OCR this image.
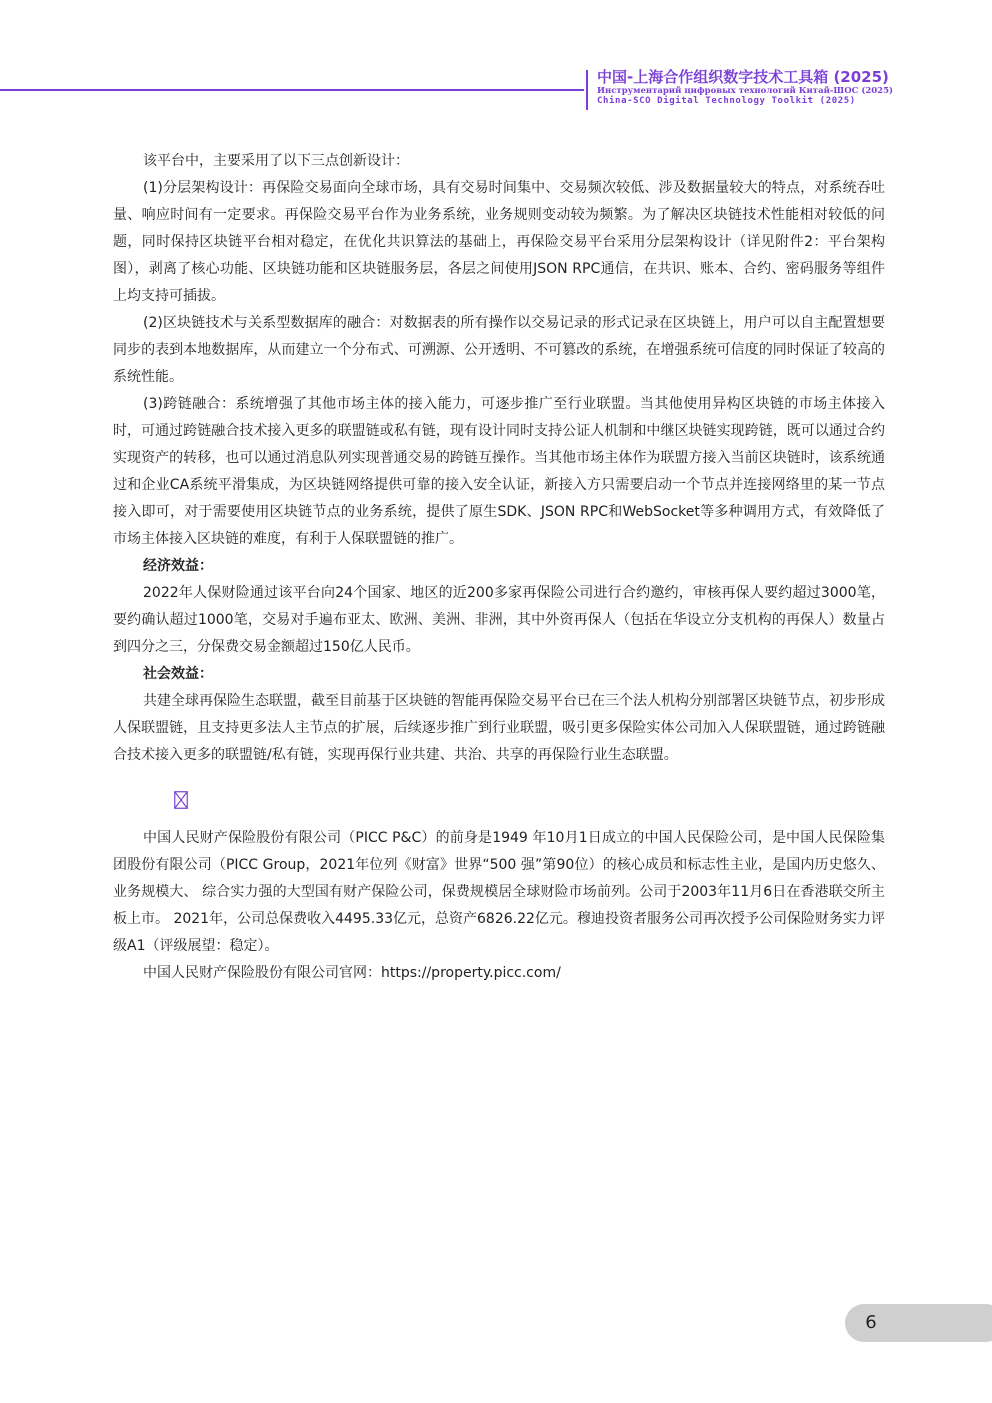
中国-上海合作组织数字技术工具箱 (2025)
Инструментарий цифровых технологий Китай-ШОС (2025)
China-SCO Digital Technology Toolkit (2025)

该平台中，主要采用了以下三点创新设计：

(1)分层架构设计：再保险交易面向全球市场，具有交易时间集中、交易频次较低、涉及数据量较大的特点，对系统吞吐量、响应时间有一定要求。再保险交易平台作为业务系统，业务规则变动较为频繁。为了解决区块链技术性能相对较低的问题，同时保持区块链平台相对稳定，在优化共识算法的基础上，再保险交易平台采用分层架构设计（详见附件2：平台架构图），剥离了核心功能、区块链功能和区块链服务层，各层之间使用JSON RPC通信，在共识、账本、合约、密码服务等组件上均支持可插拔。

(2)区块链技术与关系型数据库的融合：对数据表的所有操作以交易记录的形式记录在区块链上，用户可以自主配置想要同步的表到本地数据库，从而建立一个分布式、可溯源、公开透明、不可篡改的系统，在增强系统可信度的同时保证了较高的系统性能。

(3)跨链融合：系统增强了其他市场主体的接入能力，可逐步推广至行业联盟。当其他使用异构区块链的市场主体接入时，可通过跨链融合技术接入更多的联盟链或私有链，现有设计同时支持公证人机制和中继区块链实现跨链，既可以通过合约实现资产的转移，也可以通过消息队列实现普通交易的跨链互操作。当其他市场主体作为联盟方接入当前区块链时，该系统通过和企业CA系统平滑集成，为区块链网络提供可靠的接入安全认证，新接入方只需要启动一个节点并连接网络里的某一节点接入即可，对于需要使用区块链节点的业务系统，提供了原生SDK、JSON RPC和WebSocket等多种调用方式，有效降低了市场主体接入区块链的难度，有利于人保联盟链的推广。

经济效益：

2022年人保财险通过该平台向24个国家、地区的近200多家再保险公司进行合约邀约，审核再保人要约超过3000笔，要约确认超过1000笔，交易对手遍布亚太、欧洲、美洲、非洲，其中外资再保人（包括在华设立分支机构的再保人）数量占到四分之三，分保费交易金额超过150亿人民币。

社会效益：

共建全球再保险生态联盟，截至目前基于区块链的智能再保险交易平台已在三个法人机构分别部署区块链节点，初步形成人保联盟链，且支持更多法人主节点的扩展，后续逐步推广到行业联盟，吸引更多保险实体公司加入人保联盟链，通过跨链融合技术接入更多的联盟链/私有链，实现再保行业共建、共治、共享的再保险行业生态联盟。

中国人民财产保险股份有限公司（PICC P&C）的前身是1949 年10月1日成立的中国人民保险公司，是中国人民保险集团股份有限公司（PICC Group，2021年位列《财富》世界“500 强”第90位）的核心成员和标志性主业，是国内历史悠久、业务规模大、 综合实力强的大型国有财产保险公司，保费规模居全球财险市场前列。公司于2003年11月6日在香港联交所主板上市。 2021年，公司总保费收入4495.33亿元，总资产6826.22亿元。穆迪投资者服务公司再次授予公司保险财务实力评级A1（评级展望：稳定）。

中国人民财产保险股份有限公司官网：https://property.picc.com/

6
